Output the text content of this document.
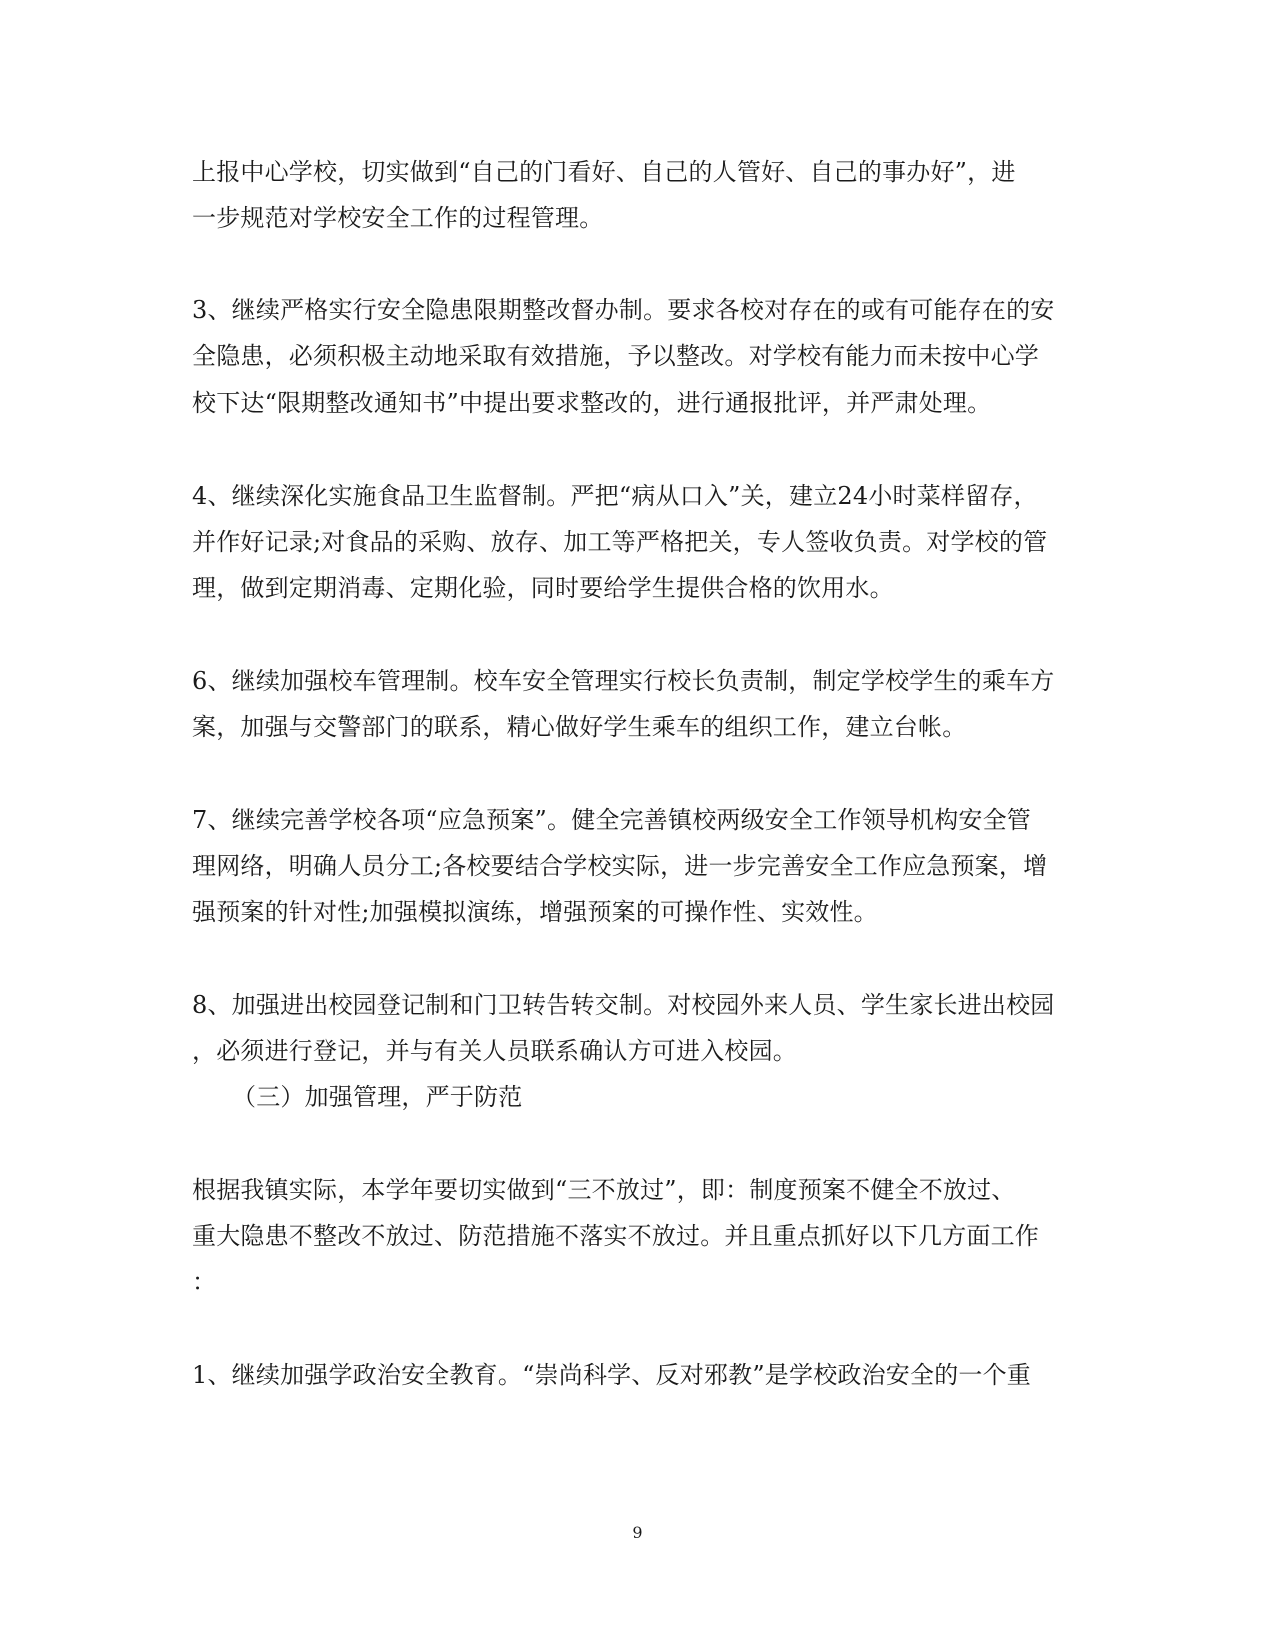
上报中心学校，切实做到“自己的门看好、自己的人管好、自己的事办好”，进
一步规范对学校安全工作的过程管理。
3、继续严格实行安全隐患限期整改督办制。要求各校对存在的或有可能存在的安
全隐患，必须积极主动地采取有效措施，予以整改。对学校有能力而未按中心学
校下达“限期整改通知书”中提出要求整改的，进行通报批评，并严肃处理。
4、继续深化实施食品卫生监督制。严把“病从口入”关，建立24小时菜样留存，
并作好记录;对食品的采购、放存、加工等严格把关，专人签收负责。对学校的管
理，做到定期消毒、定期化验，同时要给学生提供合格的饮用水。
6、继续加强校车管理制。校车安全管理实行校长负责制，制定学校学生的乘车方
案，加强与交警部门的联系，精心做好学生乘车的组织工作，建立台帐。
7、继续完善学校各项“应急预案”。健全完善镇校两级安全工作领导机构安全管
理网络，明确人员分工;各校要结合学校实际，进一步完善安全工作应急预案，增
强预案的针对性;加强模拟演练，增强预案的可操作性、实效性。
8、加强进出校园登记制和门卫转告转交制。对校园外来人员、学生家长进出校园
，必须进行登记，并与有关人员联系确认方可进入校园。
（三）加强管理，严于防范
根据我镇实际，本学年要切实做到“三不放过”，即：制度预案不健全不放过、
重大隐患不整改不放过、防范措施不落实不放过。并且重点抓好以下几方面工作
：
1、继续加强学政治安全教育。“崇尚科学、反对邪教”是学校政治安全的一个重
9
